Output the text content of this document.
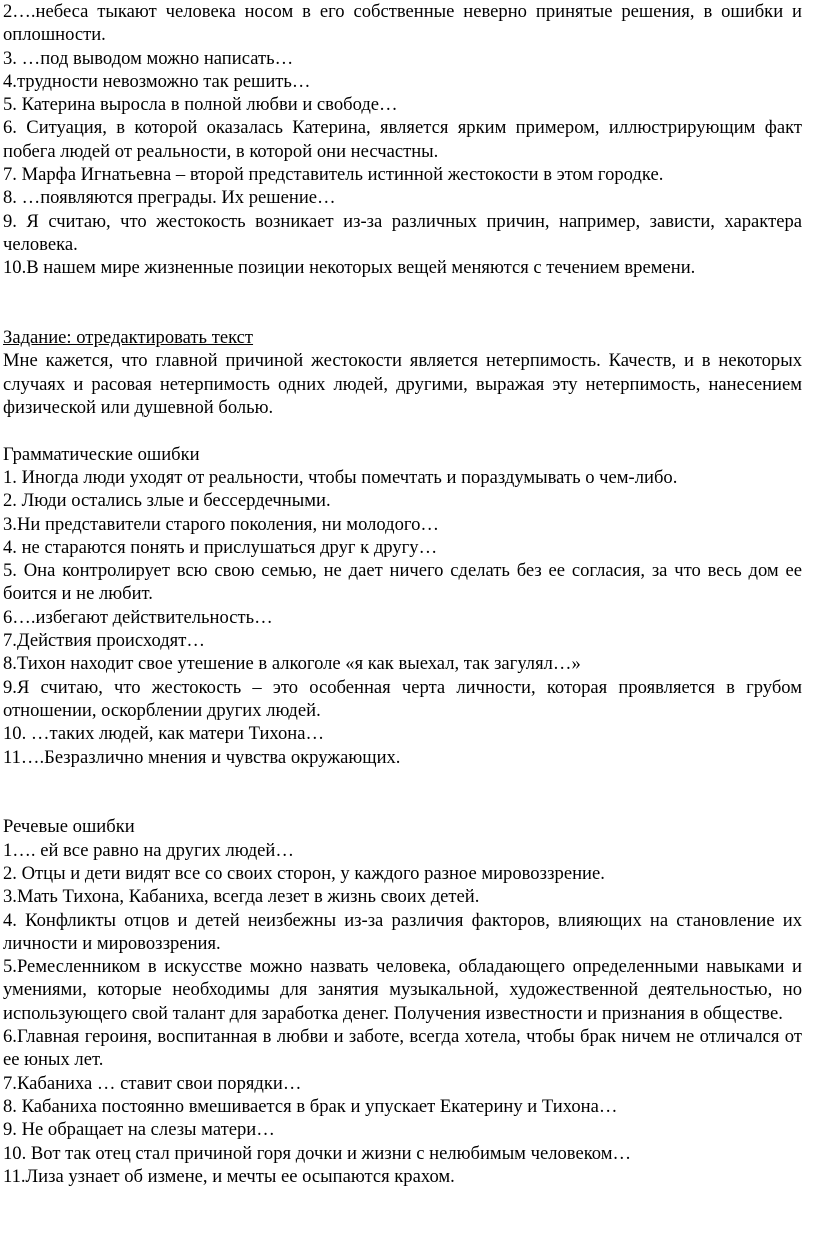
2….небеса тыкают человека носом в его собственные неверно принятые решения, в ошибки и оплошности.

3. …под выводом можно написать…

4.трудности невозможно так решить…

5. Катерина выросла в полной любви и свободе…

6. Ситуация, в которой оказалась Катерина, является ярким примером, иллюстрирующим факт побега людей от реальности, в которой они несчастны.

7. Марфа Игнатьевна – второй представитель истинной жестокости в этом городке.

8. …появляются преграды. Их решение…

9. Я считаю, что жестокость возникает из-за различных причин, например, зависти, характера человека.

10.В нашем мире жизненные позиции некоторых вещей меняются с течением времени.

Задание: отредактировать текст

Мне кажется, что главной причиной жестокости является нетерпимость. Качеств, и в некоторых случаях и расовая нетерпимость одних людей, другими, выражая эту нетерпимость, нанесением физической или душевной болью.

Грамматические ошибки

1. Иногда люди уходят от реальности, чтобы помечтать и пораздумывать о чем-либо.

2. Люди остались злые и бессердечными.

3.Ни представители старого поколения, ни молодого…

4. не стараются понять и прислушаться друг к другу…

5. Она контролирует всю свою семью, не дает ничего сделать без ее согласия, за что весь дом ее боится и не любит.

6….избегают действительность…

7.Действия происходят…

8.Тихон находит свое утешение в алкоголе «я как выехал, так загулял…»

9.Я считаю, что жестокость – это особенная черта личности, которая проявляется в грубом отношении, оскорблении других людей.

10. …таких людей, как матери Тихона…

11….Безразлично мнения и чувства окружающих.

Речевые ошибки

1…. ей все равно на других людей…

2. Отцы и дети видят все со своих сторон, у каждого разное мировоззрение.

3.Мать Тихона, Кабаниха, всегда лезет в жизнь своих детей.

4. Конфликты отцов и детей неизбежны из-за различия факторов, влияющих на становление их личности и мировоззрения.

5.Ремесленником в искусстве можно назвать человека, обладающего определенными навыками и умениями, которые необходимы для занятия музыкальной, художественной деятельностью, но использующего свой талант для заработка денег. Получения известности и признания в обществе.

6.Главная героиня, воспитанная в любви и заботе, всегда хотела, чтобы брак ничем не отличался от ее юных лет.

7.Кабаниха … ставит свои порядки…

8. Кабаниха постоянно вмешивается в брак и упускает Екатерину и Тихона…

9. Не обращает на слезы матери…

10. Вот так отец стал причиной горя дочки и жизни с нелюбимым человеком…

11.Лиза узнает об измене, и мечты ее осыпаются крахом.
